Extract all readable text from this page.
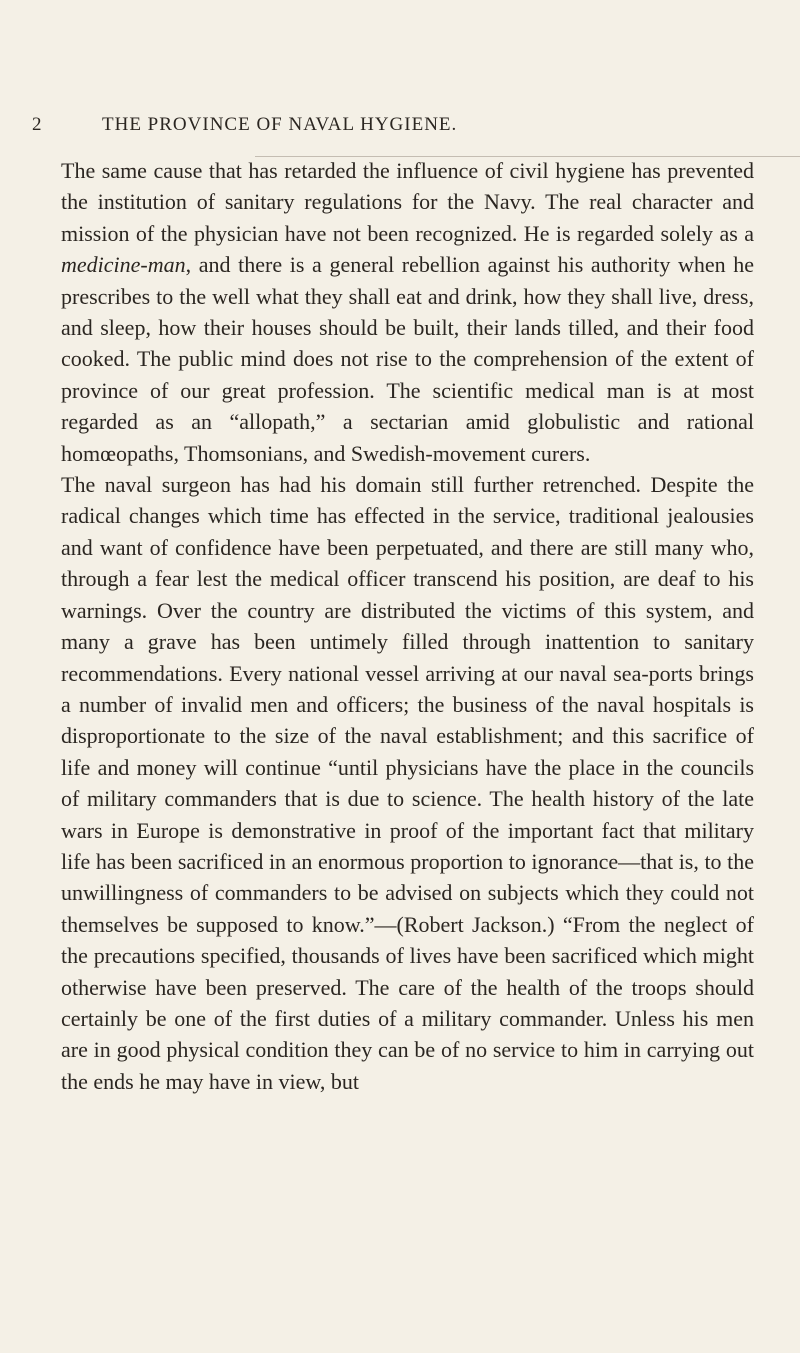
2	THE PROVINCE OF NAVAL HYGIENE.

The same cause that has retarded the influence of civil hygiene has prevented the institution of sanitary regulations for the Navy. The real character and mission of the physician have not been recognized. He is regarded solely as a medicine-man, and there is a general rebellion against his authority when he prescribes to the well what they shall eat and drink, how they shall live, dress, and sleep, how their houses should be built, their lands tilled, and their food cooked. The public mind does not rise to the comprehension of the extent of province of our great profession. The scientific medical man is at most regarded as an “allopath,” a sectarian amid globulistic and rational homœopaths, Thomsonians, and Swedish-movement curers.

The naval surgeon has had his domain still further retrenched. Despite the radical changes which time has effected in the service, traditional jealousies and want of confidence have been perpetuated, and there are still many who, through a fear lest the medical officer transcend his position, are deaf to his warnings. Over the country are distributed the victims of this system, and many a grave has been untimely filled through inattention to sanitary recommendations. Every national vessel arriving at our naval sea-ports brings a number of invalid men and officers; the business of the naval hospitals is disproportionate to the size of the naval establishment; and this sacrifice of life and money will continue “until physicians have the place in the councils of military commanders that is due to science. The health history of the late wars in Europe is demonstrative in proof of the important fact that military life has been sacrificed in an enormous proportion to ignorance—that is, to the unwillingness of commanders to be advised on subjects which they could not themselves be supposed to know.”—(Robert Jackson.) “From the neglect of the precautions specified, thousands of lives have been sacrificed which might otherwise have been preserved. The care of the health of the troops should certainly be one of the first duties of a military commander. Unless his men are in good physical condition they can be of no service to him in carrying out the ends he may have in view, but
